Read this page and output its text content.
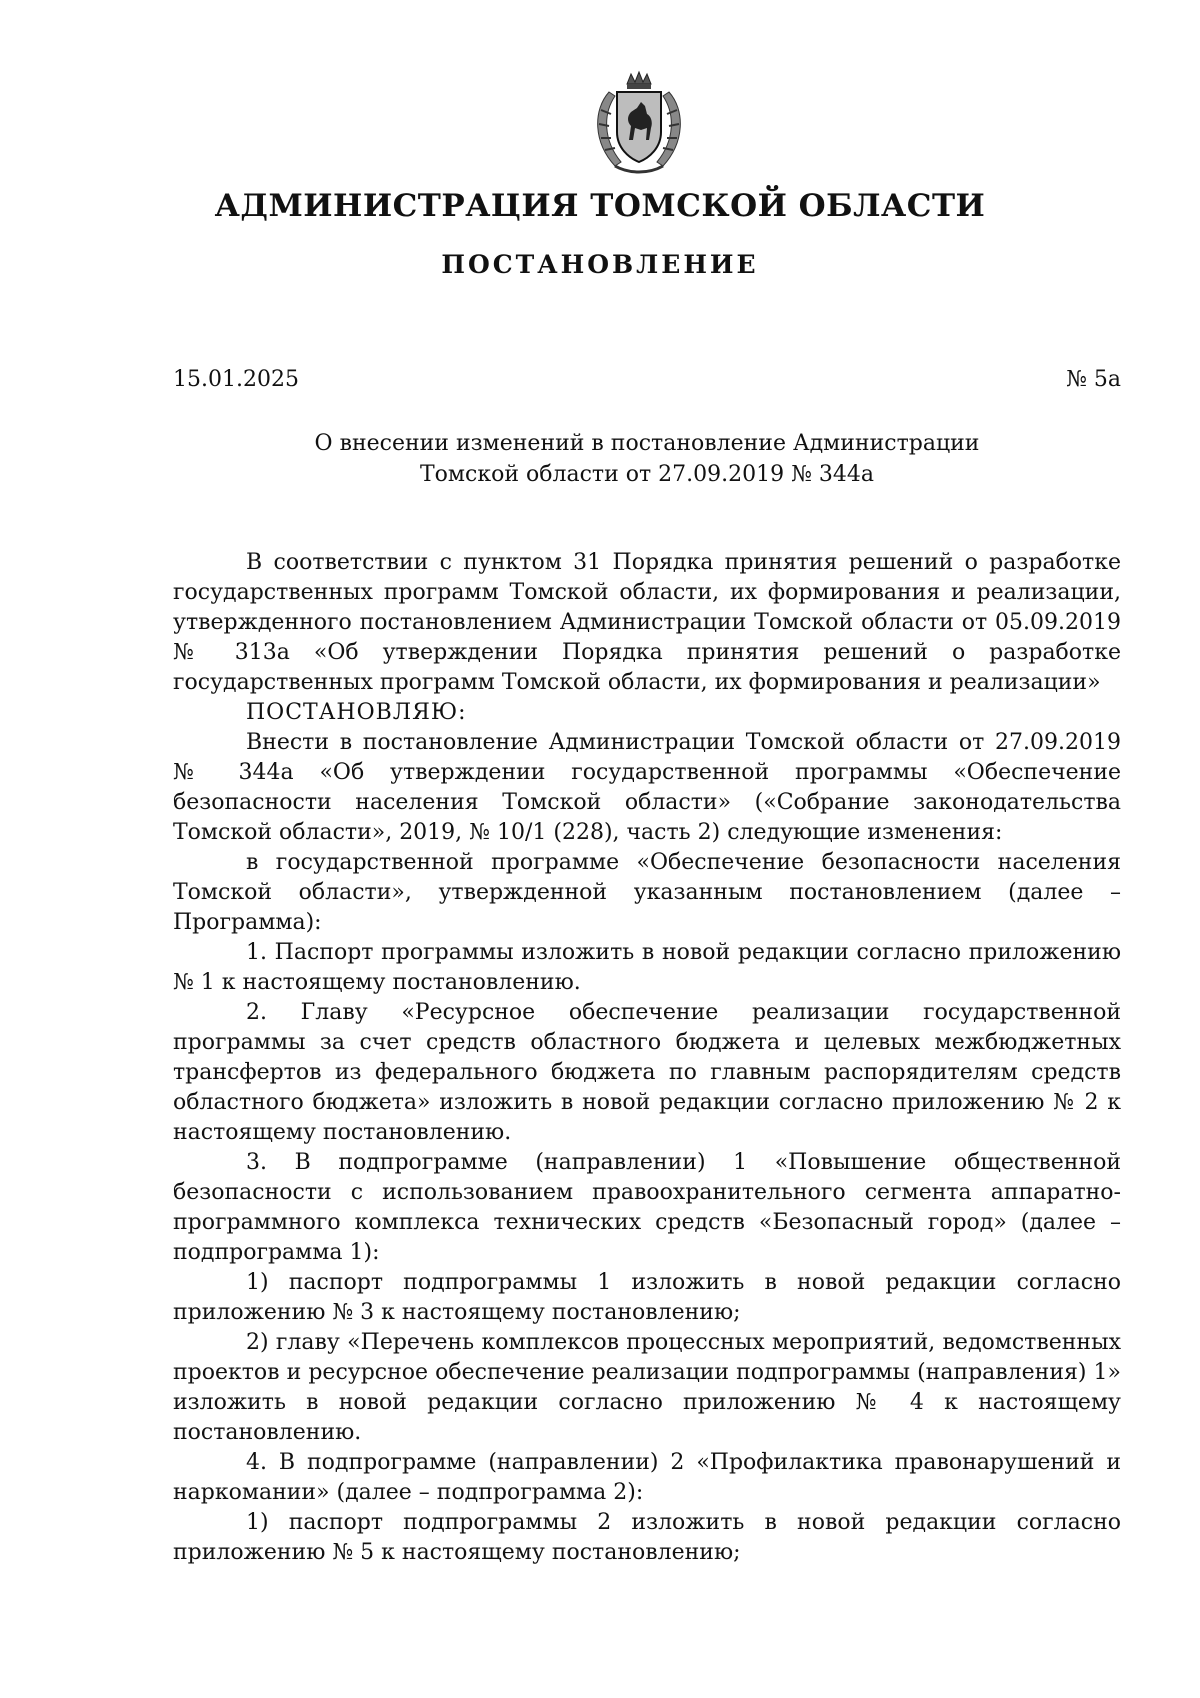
АДМИНИСТРАЦИЯ ТОМСКОЙ ОБЛАСТИ
ПОСТАНОВЛЕНИЕ
15.01.2025	№ 5а
О внесении изменений в постановление Администрации
Томской области от 27.09.2019 № 344а

В соответствии с пунктом 31 Порядка принятия решений о разработке государственных программ Томской области, их формирования и реализации, утвержденного постановлением Администрации Томской области от 05.09.2019 № 313а «Об утверждении Порядка принятия решений о разработке государственных программ Томской области, их формирования и реализации»

ПОСТАНОВЛЯЮ:

Внести в постановление Администрации Томской области от 27.09.2019 № 344а «Об утверждении государственной программы «Обеспечение безопасности населения Томской области» («Собрание законодательства Томской области», 2019, № 10/1 (228), часть 2) следующие изменения:

в государственной программе «Обеспечение безопасности населения Томской области», утвержденной указанным постановлением (далее – Программа):

1. Паспорт программы изложить в новой редакции согласно приложению № 1 к настоящему постановлению.

2. Главу «Ресурсное обеспечение реализации государственной программы за счет средств областного бюджета и целевых межбюджетных трансфертов из федерального бюджета по главным распорядителям средств областного бюджета» изложить в новой редакции согласно приложению № 2 к настоящему постановлению.

3. В подпрограмме (направлении) 1 «Повышение общественной безопасности с использованием правоохранительного сегмента аппаратно-программного комплекса технических средств «Безопасный город» (далее – подпрограмма 1):

1) паспорт подпрограммы 1 изложить в новой редакции согласно приложению № 3 к настоящему постановлению;

2) главу «Перечень комплексов процессных мероприятий, ведомственных проектов и ресурсное обеспечение реализации подпрограммы (направления) 1» изложить в новой редакции согласно приложению № 4 к настоящему постановлению.

4. В подпрограмме (направлении) 2 «Профилактика правонарушений и наркомании» (далее – подпрограмма 2):

1) паспорт подпрограммы 2 изложить в новой редакции согласно приложению № 5 к настоящему постановлению;
